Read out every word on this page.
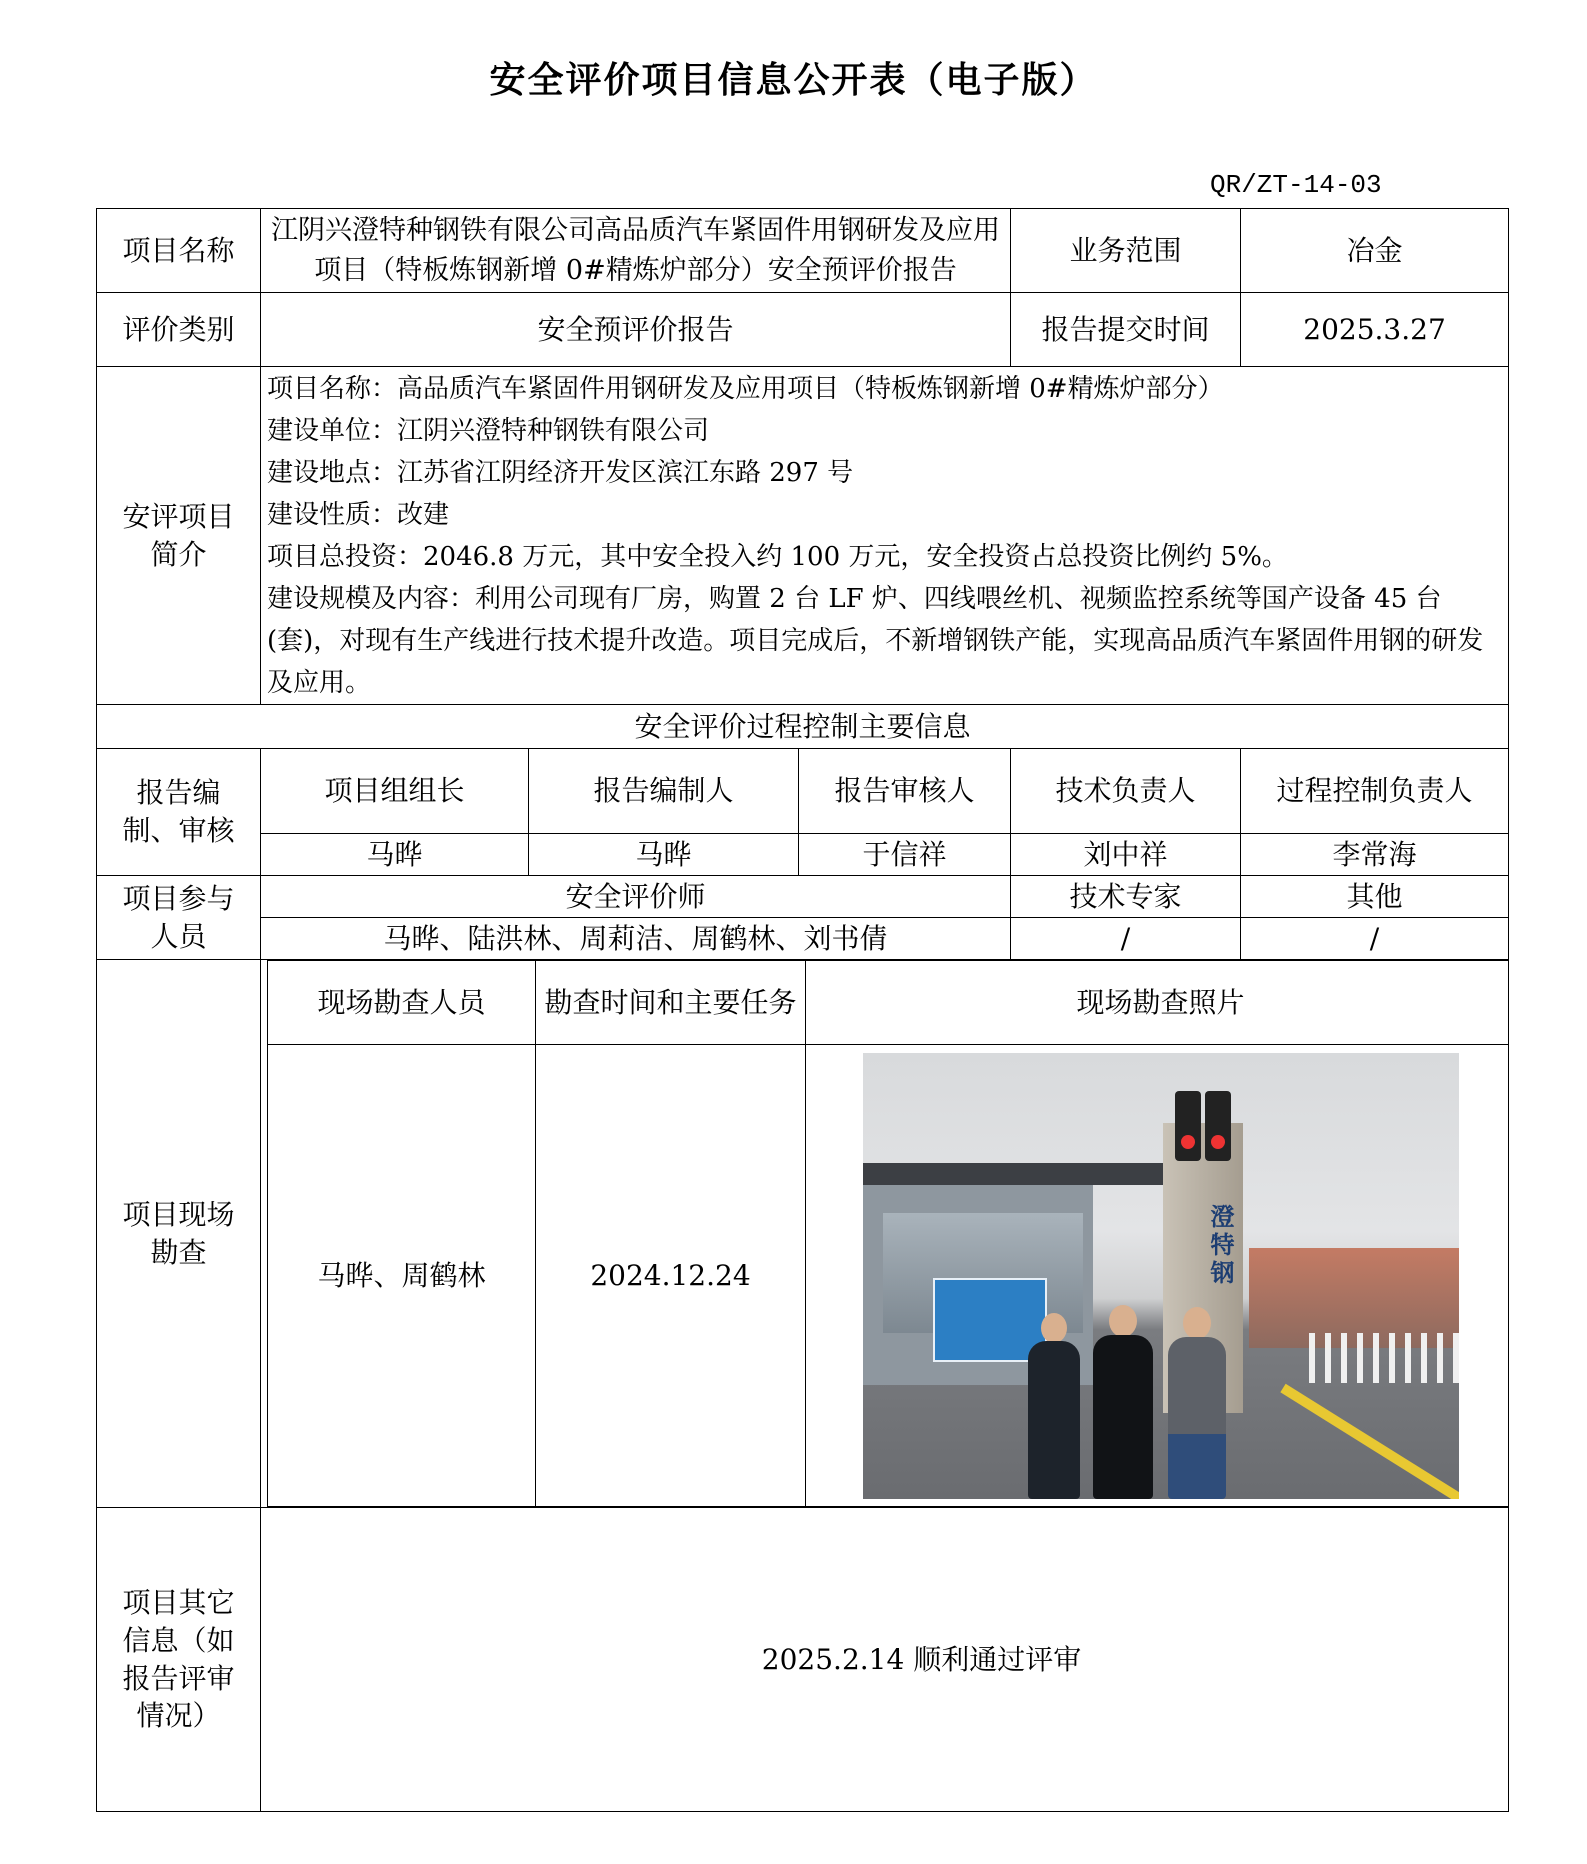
安全评价项目信息公开表（电子版）
QR/ZT-14-03
项目名称	江阴兴澄特种钢铁有限公司高品质汽车紧固件用钢研发及应用项目（特板炼钢新增 0#精炼炉部分）安全预评价报告	业务范围	冶金
评价类别	安全预评价报告	报告提交时间	2025.3.27
安评项目简介	

项目名称：高品质汽车紧固件用钢研发及应用项目（特板炼钢新增 0#精炼炉部分）

建设单位：江阴兴澄特种钢铁有限公司

建设地点：江苏省江阴经济开发区滨江东路 297 号

建设性质：改建

项目总投资：2046.8 万元，其中安全投入约 100 万元，安全投资占总投资比例约 5%。

建设规模及内容：利用公司现有厂房，购置 2 台 LF 炉、四线喂丝机、视频监控系统等国产设备 45 台(套)，对现有生产线进行技术提升改造。项目完成后，不新增钢铁产能，实现高品质汽车紧固件用钢的研发及应用。

安全评价过程控制主要信息
报告编制、审核	项目组组长	报告编制人	报告审核人	技术负责人	过程控制负责人
马晔	马晔	于信祥	刘中祥	李常海
项目参与人员	安全评价师	技术专家	其他
马晔、陆洪林、周莉洁、周鹤林、刘书倩	/	/
项目现场勘查	
现场勘查人员	勘查时间和主要任务	现场勘查照片
马晔、周鹤林	2024.12.24	
澄特钢

项目其它信息（如报告评审情况）	2025.2.14 顺利通过评审
